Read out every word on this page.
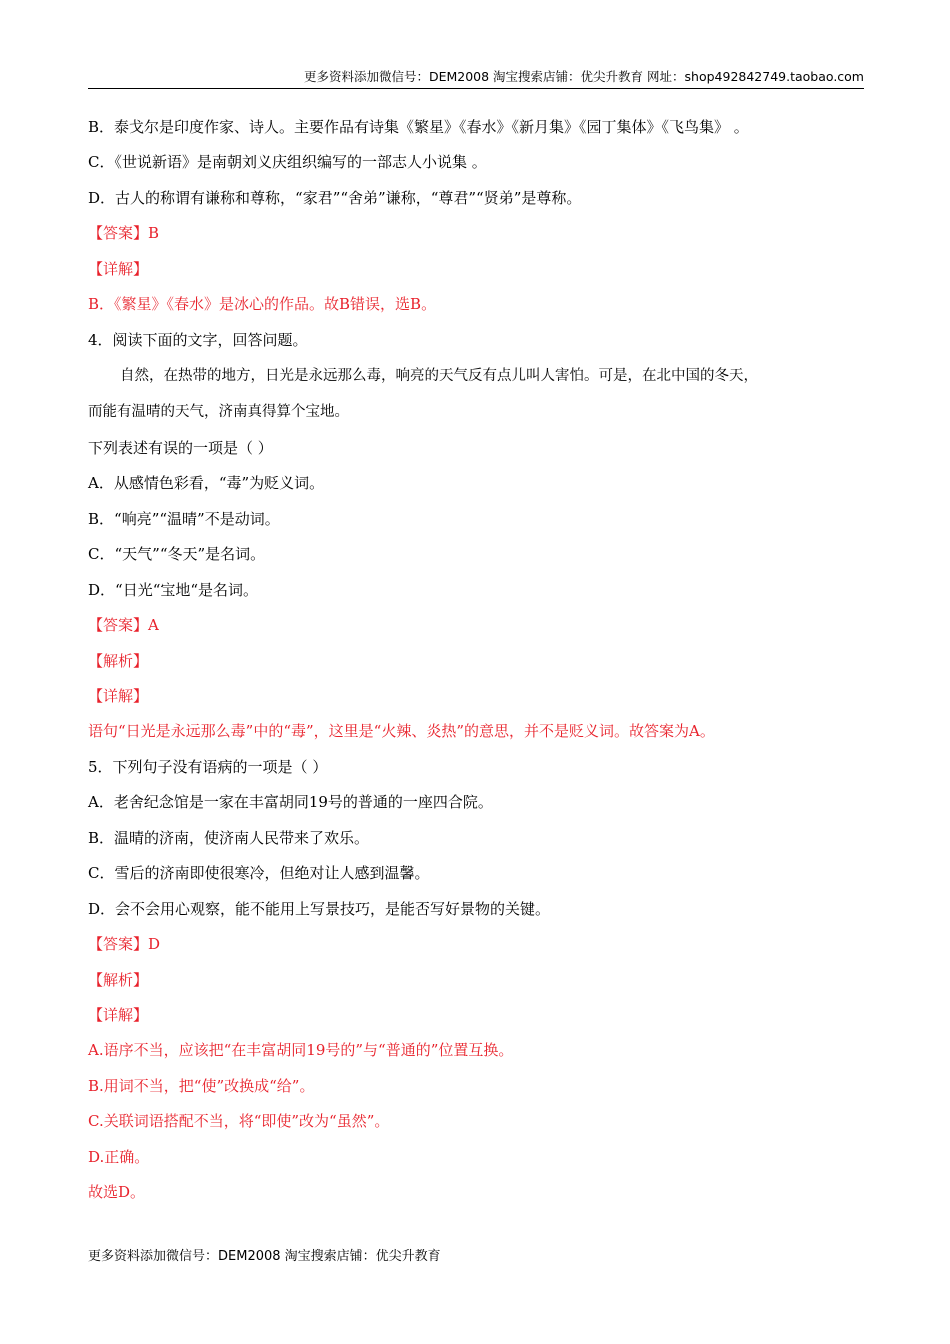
更多资料添加微信号：DEM2008 淘宝搜索店铺：优尖升教育 网址：shop492842749.taobao.com
B．泰戈尔是印度作家、诗人。主要作品有诗集《繁星》《春水》《新月集》《园丁集体》《飞鸟集》 。
C．《世说新语》是南朝刘义庆组织编写的一部志人小说集 。
D．古人的称谓有谦称和尊称，“家君”“舍弟”谦称，“尊君”“贤弟”是尊称。
【答案】B
【详解】
B．《繁星》《春水》是冰心的作品。故B错误，选B。
4．阅读下面的文字，回答问题。
自然，在热带的地方，日光是永远那么毒，响亮的天气反有点儿叫人害怕。可是，在北中国的冬天，
而能有温晴的天气，济南真得算个宝地。
下列表述有误的一项是（ ）
A．从感情色彩看，“毒”为贬义词。
B．“响亮”“温晴”不是动词。
C．“天气”“冬天”是名词。
D．“日光“宝地“是名词。
【答案】A
【解析】
【详解】
语句“日光是永远那么毒”中的“毒”，这里是“火辣、炎热”的意思，并不是贬义词。故答案为A。
5．下列句子没有语病的一项是（ ）
A．老舍纪念馆是一家在丰富胡同19号的普通的一座四合院。
B．温晴的济南，使济南人民带来了欢乐。
C．雪后的济南即使很寒冷，但绝对让人感到温馨。
D．会不会用心观察，能不能用上写景技巧，是能否写好景物的关键。
【答案】D
【解析】
【详解】
A.语序不当，应该把“在丰富胡同19号的”与“普通的”位置互换。
B.用词不当，把“使”改换成“给”。
C.关联词语搭配不当，将“即使”改为“虽然”。
D.正确。
故选D。
更多资料添加微信号：DEM2008 淘宝搜索店铺：优尖升教育
